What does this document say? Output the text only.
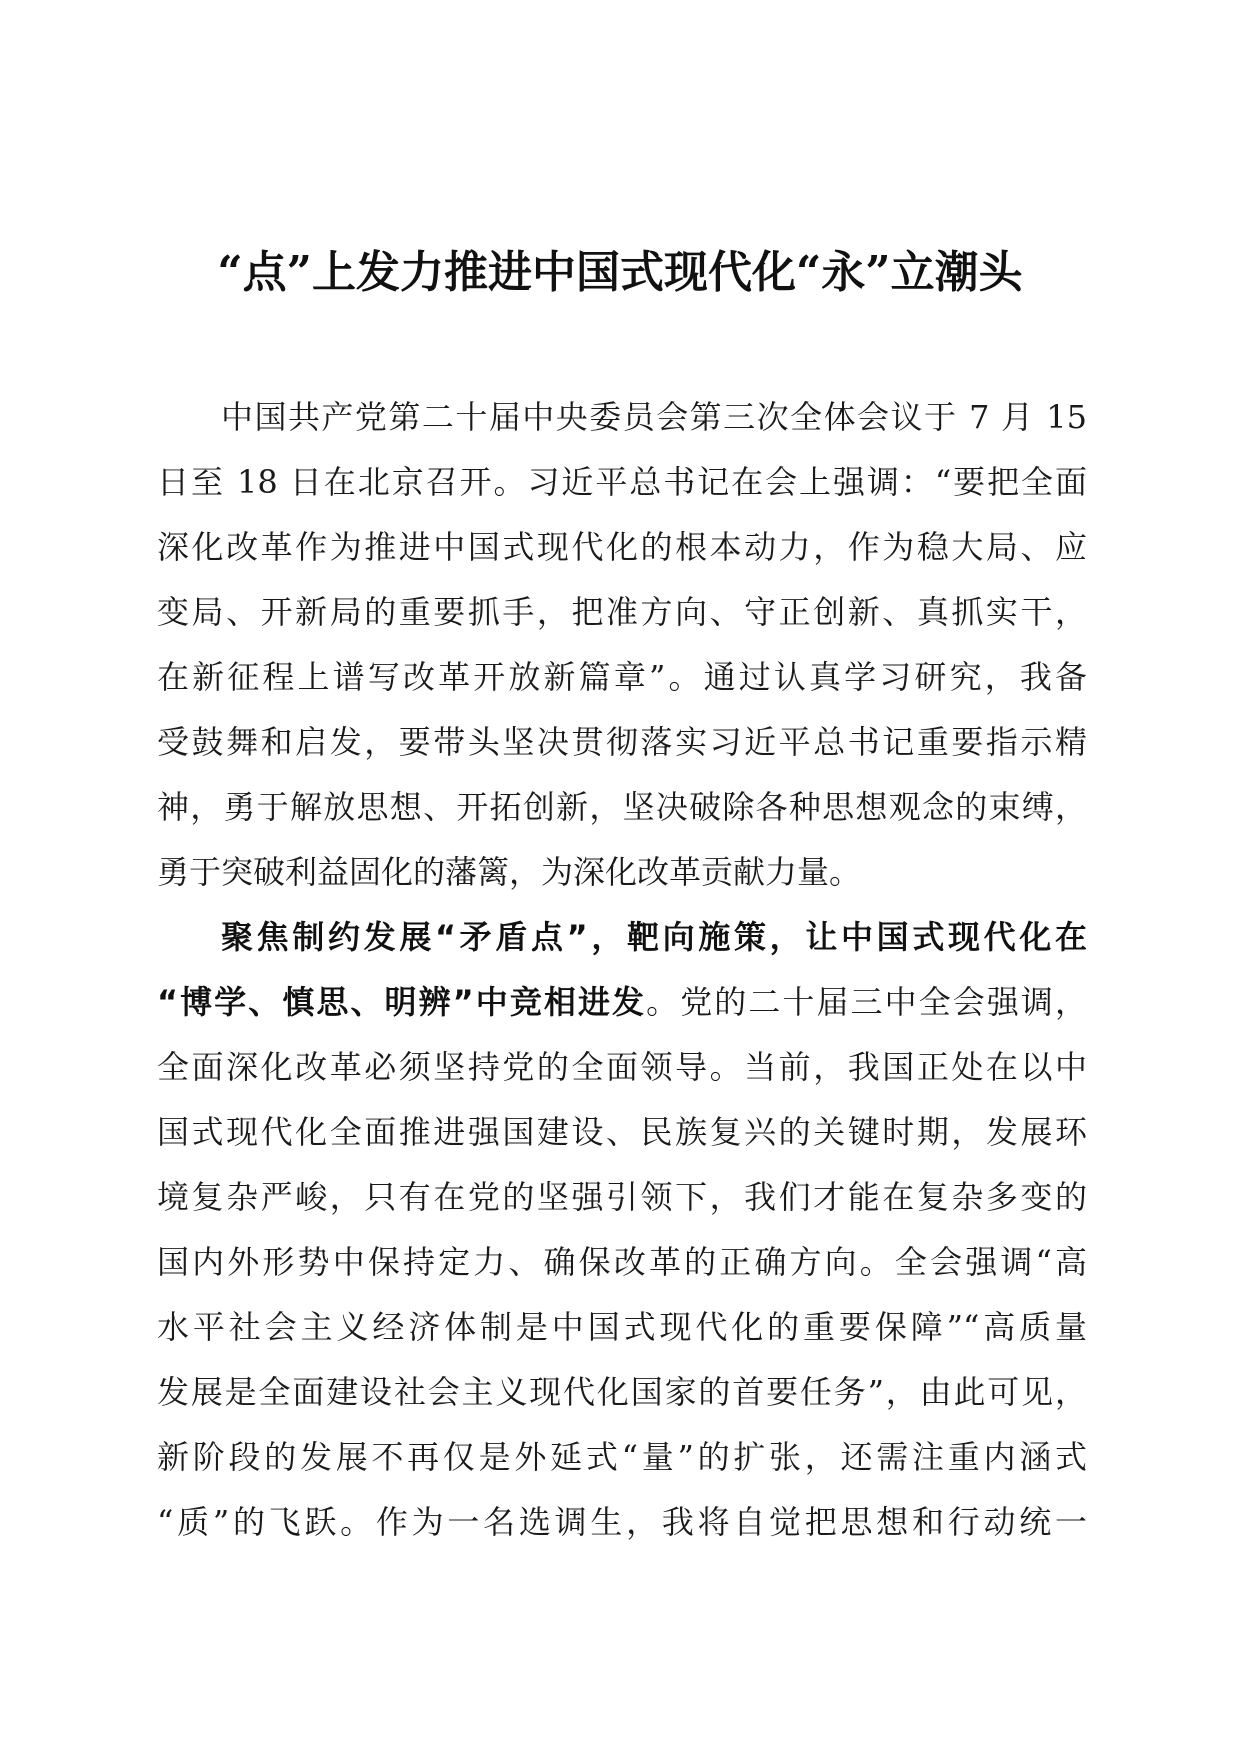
“点”上发力推进中国式现代化“永”立潮头
中国共产党第二十届中央委员会第三次全体会议于 7 月 15
日至 18 日在北京召开。习近平总书记在会上强调：“要把全面
深化改革作为推进中国式现代化的根本动力，作为稳大局、应
变局、开新局的重要抓手，把准方向、守正创新、真抓实干，
在新征程上谱写改革开放新篇章”。通过认真学习研究，我备
受鼓舞和启发，要带头坚决贯彻落实习近平总书记重要指示精
神，勇于解放思想、开拓创新，坚决破除各种思想观念的束缚，
勇于突破利益固化的藩篱，为深化改革贡献力量。
聚焦制约发展“矛盾点”，靶向施策，让中国式现代化在
“博学、慎思、明辨”中竞相进发。党的二十届三中全会强调，
全面深化改革必须坚持党的全面领导。当前，我国正处在以中
国式现代化全面推进强国建设、民族复兴的关键时期，发展环
境复杂严峻，只有在党的坚强引领下，我们才能在复杂多变的
国内外形势中保持定力、确保改革的正确方向。全会强调“高
水平社会主义经济体制是中国式现代化的重要保障”“高质量
发展是全面建设社会主义现代化国家的首要任务”，由此可见，
新阶段的发展不再仅是外延式“量”的扩张，还需注重内涵式
“质”的飞跃。作为一名选调生，我将自觉把思想和行动统一
